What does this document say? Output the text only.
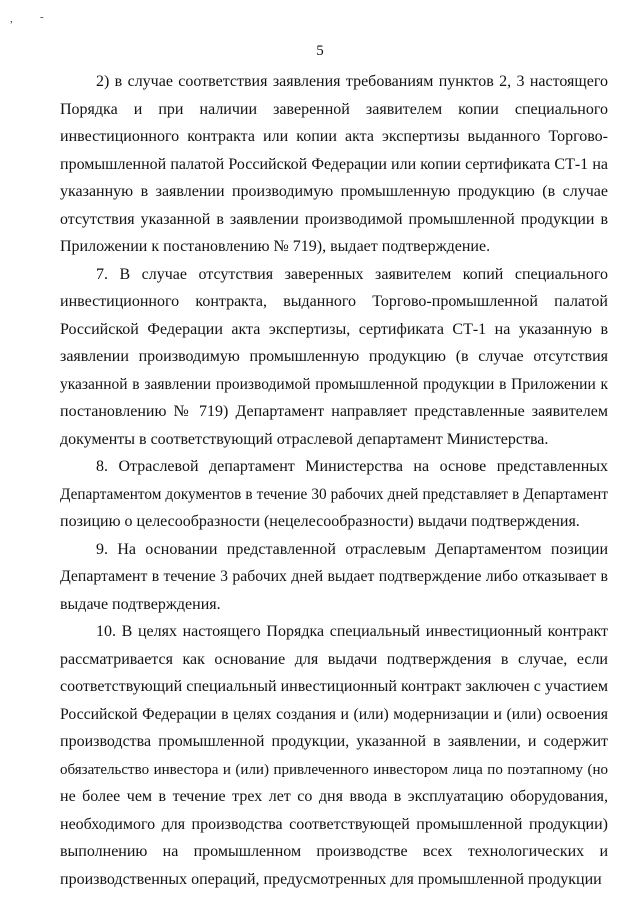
, -
5
2) в случае соответствия заявления требованиям пунктов 2, 3 настоящего
Порядка и при наличии заверенной заявителем копии специального
инвестиционного контракта или копии акта экспертизы выданного Торгово-
промышленной палатой Российской Федерации или копии сертификата СТ-1 на
указанную в заявлении производимую промышленную продукцию (в случае
отсутствия указанной в заявлении производимой промышленной продукции в
Приложении к постановлению № 719), выдает подтверждение.
7. В случае отсутствия заверенных заявителем копий специального
инвестиционного контракта, выданного Торгово-промышленной палатой
Российской Федерации акта экспертизы, сертификата СТ-1 на указанную в
заявлении производимую промышленную продукцию (в случае отсутствия
указанной в заявлении производимой промышленной продукции в Приложении к
постановлению № 719) Департамент направляет представленные заявителем
документы в соответствующий отраслевой департамент Министерства.
8. Отраслевой департамент Министерства на основе представленных
Департаментом документов в течение 30 рабочих дней представляет в Департамент
позицию о целесообразности (нецелесообразности) выдачи подтверждения.
9. На основании представленной отраслевым Департаментом позиции
Департамент в течение 3 рабочих дней выдает подтверждение либо отказывает в
выдаче подтверждения.
10. В целях настоящего Порядка специальный инвестиционный контракт
рассматривается как основание для выдачи подтверждения в случае, если
соответствующий специальный инвестиционный контракт заключен с участием
Российской Федерации в целях создания и (или) модернизации и (или) освоения
производства промышленной продукции, указанной в заявлении, и содержит
обязательство инвестора и (или) привлеченного инвестором лица по поэтапному (но
не более чем в течение трех лет со дня ввода в эксплуатацию оборудования,
необходимого для производства соответствующей промышленной продукции)
выполнению на промышленном производстве всех технологических и
производственных операций, предусмотренных для промышленной продукции
